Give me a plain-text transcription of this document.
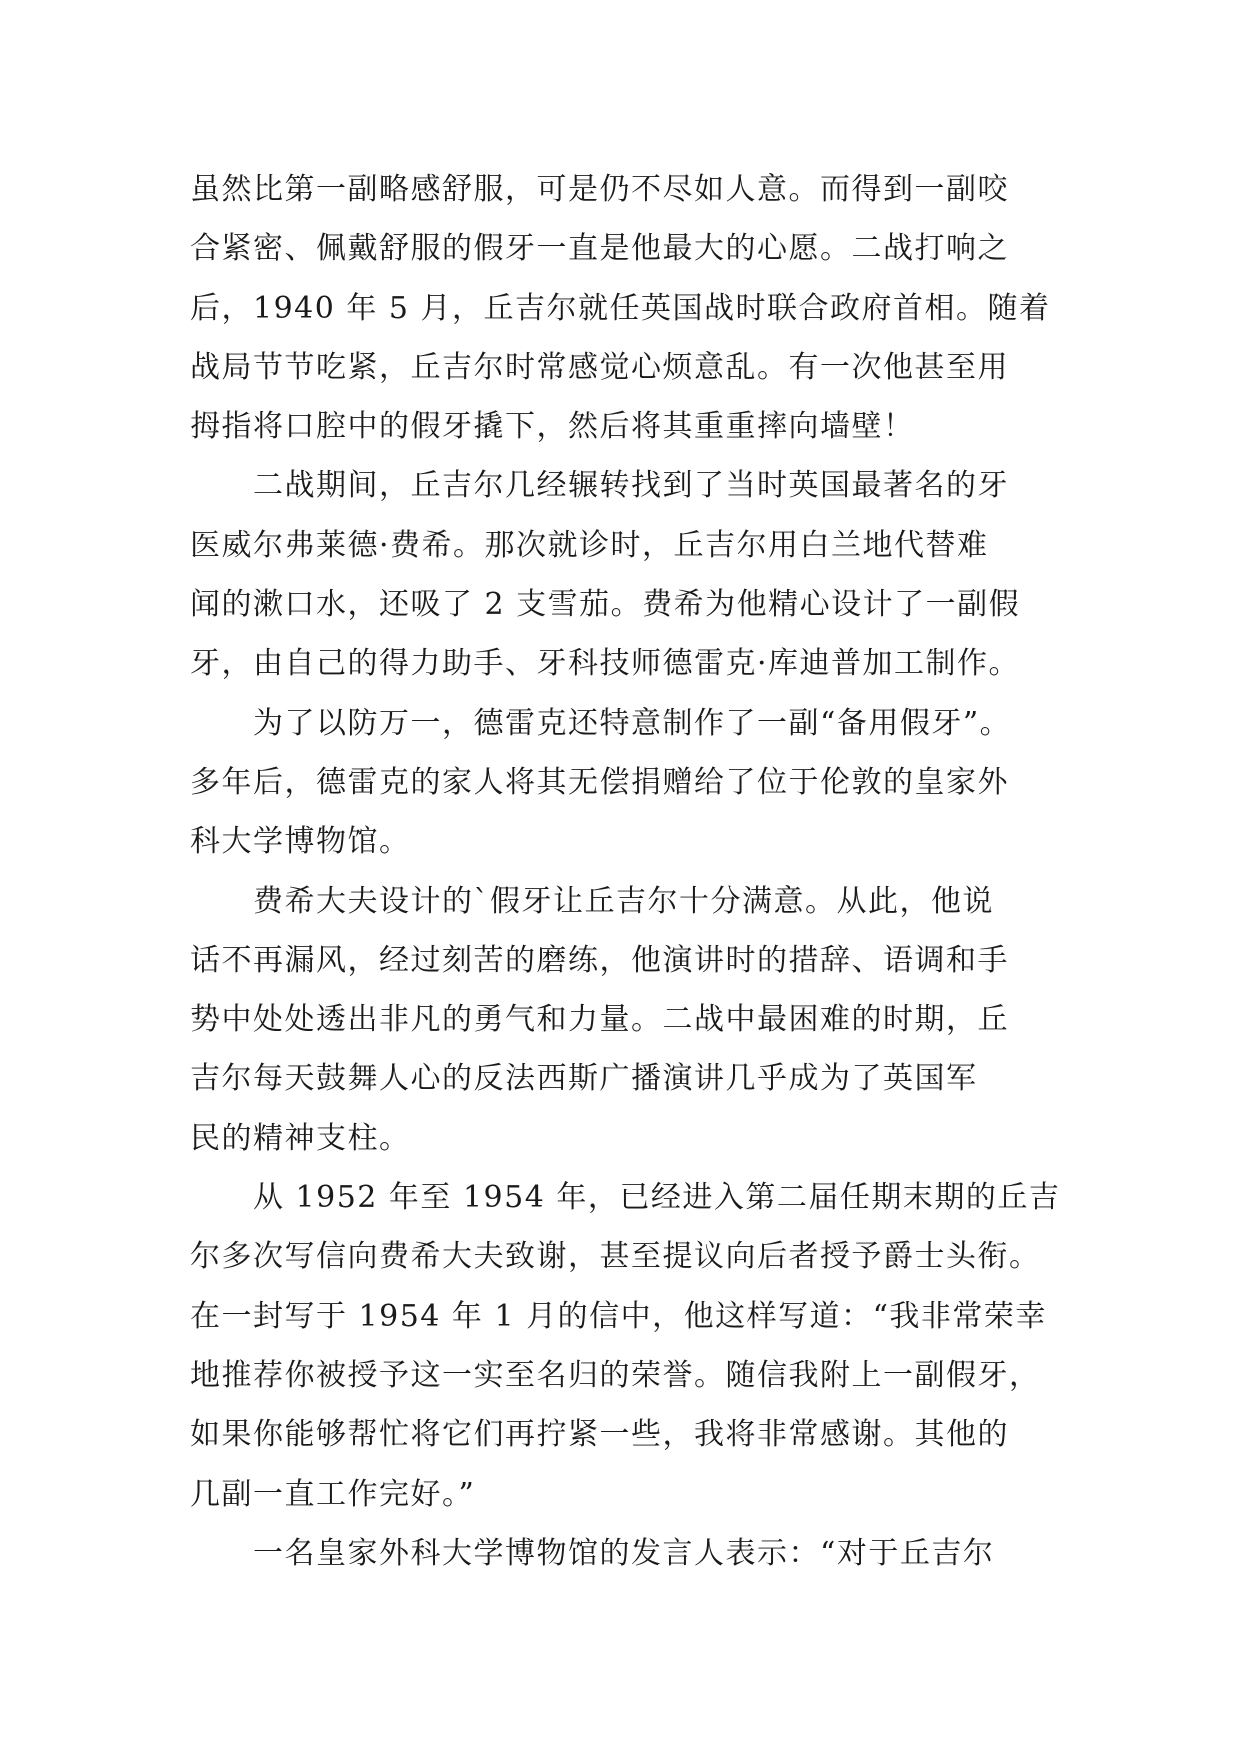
虽然比第一副略感舒服，可是仍不尽如人意。而得到一副咬
合紧密、佩戴舒服的假牙一直是他最大的心愿。二战打响之
后，1940 年 5 月，丘吉尔就任英国战时联合政府首相。随着
战局节节吃紧，丘吉尔时常感觉心烦意乱。有一次他甚至用
拇指将口腔中的假牙撬下，然后将其重重摔向墙壁！
　　二战期间，丘吉尔几经辗转找到了当时英国最著名的牙
医威尔弗莱德·费希。那次就诊时，丘吉尔用白兰地代替难
闻的漱口水，还吸了 2 支雪茄。费希为他精心设计了一副假
牙，由自己的得力助手、牙科技师德雷克·库迪普加工制作。
　　为了以防万一，德雷克还特意制作了一副“备用假牙”。
多年后，德雷克的家人将其无偿捐赠给了位于伦敦的皇家外
科大学博物馆。
　　费希大夫设计的`假牙让丘吉尔十分满意。从此，他说
话不再漏风，经过刻苦的磨练，他演讲时的措辞、语调和手
势中处处透出非凡的勇气和力量。二战中最困难的时期，丘
吉尔每天鼓舞人心的反法西斯广播演讲几乎成为了英国军
民的精神支柱。
　　从 1952 年至 1954 年，已经进入第二届任期末期的丘吉
尔多次写信向费希大夫致谢，甚至提议向后者授予爵士头衔。
在一封写于 1954 年 1 月的信中，他这样写道：“我非常荣幸
地推荐你被授予这一实至名归的荣誉。随信我附上一副假牙，
如果你能够帮忙将它们再拧紧一些，我将非常感谢。其他的
几副一直工作完好。”
　　一名皇家外科大学博物馆的发言人表示：“对于丘吉尔
